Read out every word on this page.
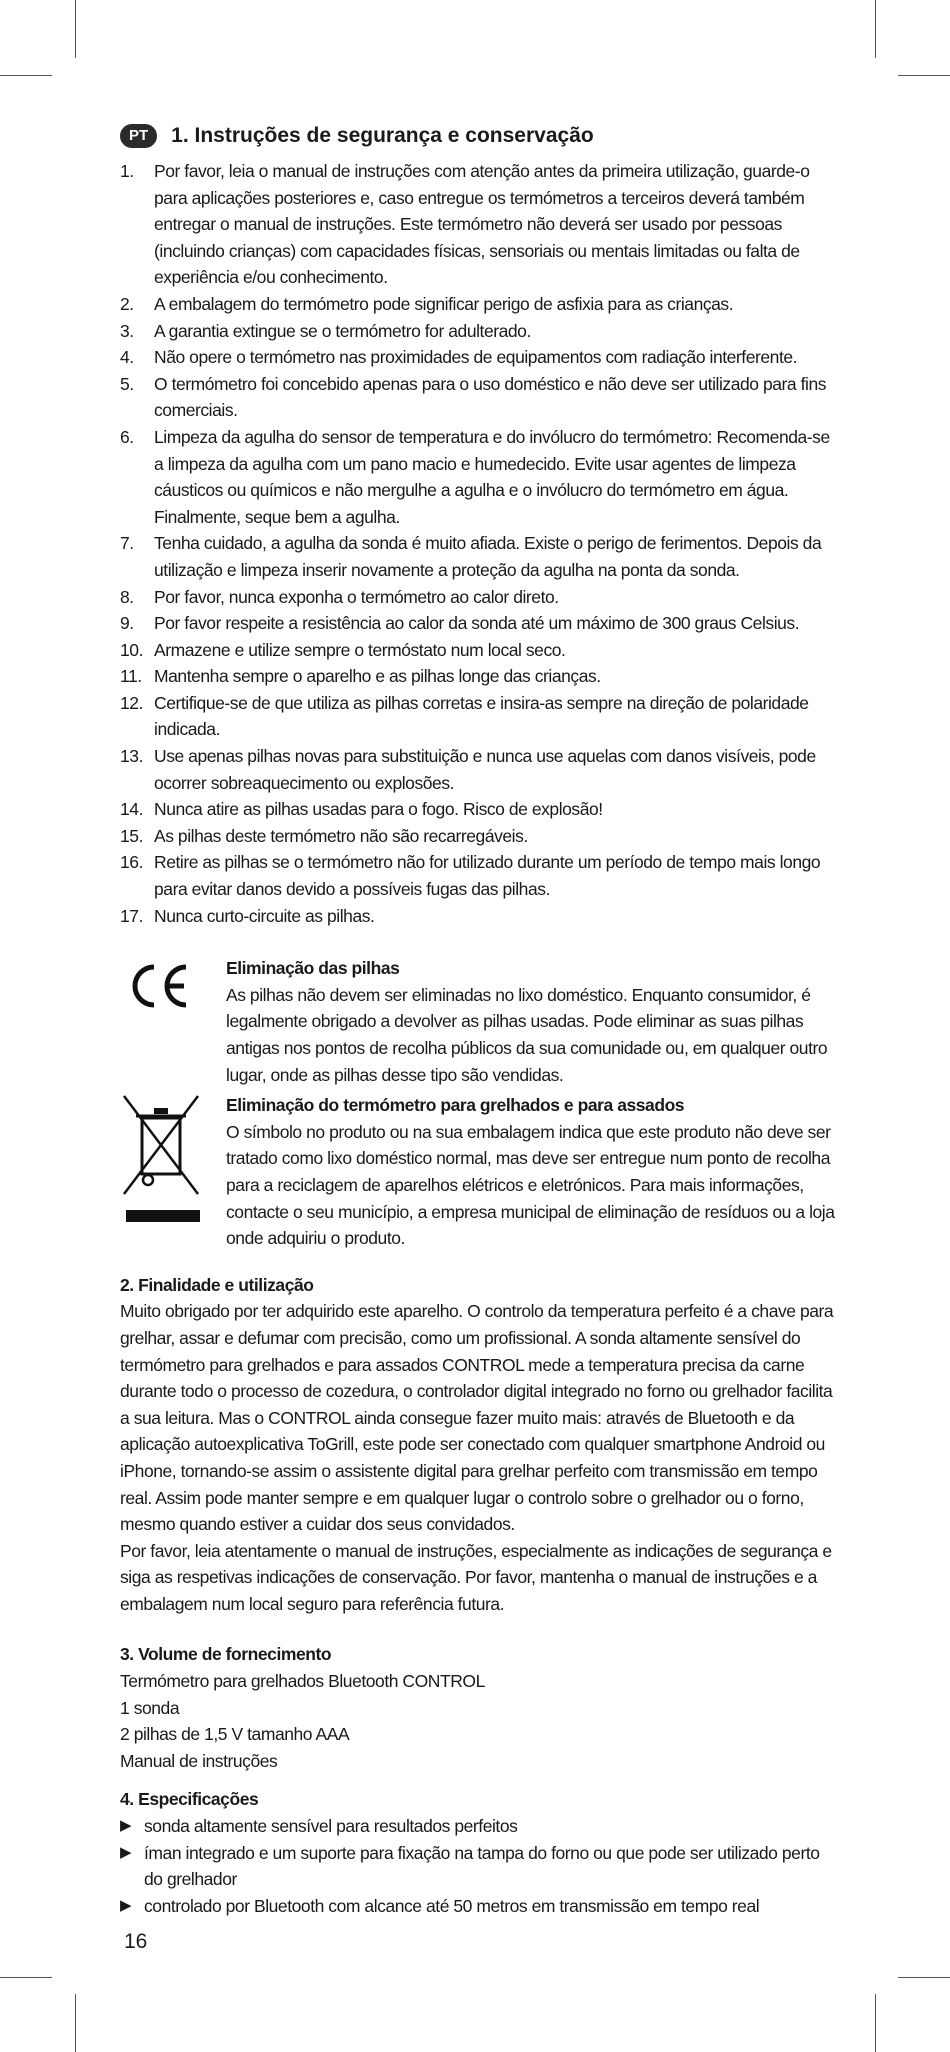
PT	1. Instruções de segurança e conservação
1.	Por favor, leia o manual de instruções com atenção antes da primeira utilização, guarde-o para aplicações posteriores e, caso entregue os termómetros a terceiros deverá também entregar o manual de instruções. Este termómetro não deverá ser usado por pessoas (incluindo crianças) com capacidades físicas, sensoriais ou mentais limitadas ou falta de experiência e/ou conhecimento.
2.	A embalagem do termómetro pode significar perigo de asfixia para as crianças.
3.	A garantia extingue se o termómetro for adulterado.
4.	Não opere o termómetro nas proximidades de equipamentos com radiação interferente.
5.	O termómetro foi concebido apenas para o uso doméstico e não deve ser utilizado para fins comerciais.
6.	Limpeza da agulha do sensor de temperatura e do invólucro do termómetro: Recomenda-se a limpeza da agulha com um pano macio e humedecido. Evite usar agentes de limpeza cáusticos ou químicos e não mergulhe a agulha e o invólucro do termómetro em água. Finalmente, seque bem a agulha.
7.	Tenha cuidado, a agulha da sonda é muito afiada. Existe o perigo de ferimentos. Depois da utilização e limpeza inserir novamente a proteção da agulha na ponta da sonda.
8.	Por favor, nunca exponha o termómetro ao calor direto.
9.	Por favor respeite a resistência ao calor da sonda até um máximo de 300 graus Celsius.
10. Armazene e utilize sempre o termóstato num local seco.
11. Mantenha sempre o aparelho e as pilhas longe das crianças.
12. Certifique-se de que utiliza as pilhas corretas e insira-as sempre na direção de polaridade indicada.
13. Use apenas pilhas novas para substituição e nunca use aquelas com danos visíveis, pode ocorrer sobreaquecimento ou explosões.
14. Nunca atire as pilhas usadas para o fogo. Risco de explosão!
15. As pilhas deste termómetro não são recarregáveis.
16. Retire as pilhas se o termómetro não for utilizado durante um período de tempo mais longo para evitar danos devido a possíveis fugas das pilhas.
17. Nunca curto-circuite as pilhas.

Eliminação das pilhas

As pilhas não devem ser eliminadas no lixo doméstico. Enquanto consumidor, é legalmente obrigado a devolver as pilhas usadas. Pode eliminar as suas pilhas antigas nos pontos de recolha públicos da sua comunidade ou, em qualquer outro lugar, onde as pilhas desse tipo são vendidas.

Eliminação do termómetro para grelhados e para assados

O símbolo no produto ou na sua embalagem indica que este produto não deve ser tratado como lixo doméstico normal, mas deve ser entregue num ponto de recolha para a reciclagem de aparelhos elétricos e eletrónicos. Para mais informações, contacte o seu município, a empresa municipal de eliminação de resíduos ou a loja onde adquiriu o produto.

2. Finalidade e utilização

Muito obrigado por ter adquirido este aparelho. O controlo da temperatura perfeito é a chave para grelhar, assar e defumar com precisão, como um profissional. A sonda altamente sensível do termómetro para grelhados e para assados CONTROL mede a temperatura precisa da carne durante todo o processo de cozedura, o controlador digital integrado no forno ou grelhador facilita a sua leitura. Mas o CONTROL ainda consegue fazer muito mais: através de Bluetooth e da aplicação autoexplicativa ToGrill, este pode ser conectado com qualquer smartphone Android ou iPhone, tornando-se assim o assistente digital para grelhar perfeito com transmissão em tempo real. Assim pode manter sempre e em qualquer lugar o controlo sobre o grelhador ou o forno, mesmo quando estiver a cuidar dos seus convidados.

Por favor, leia atentamente o manual de instruções, especialmente as indicações de segurança e siga as respetivas indicações de conservação. Por favor, mantenha o manual de instruções e a embalagem num local seguro para referência futura.

3. Volume de fornecimento

Termómetro para grelhados Bluetooth CONTROL

1 sonda

2 pilhas de 1,5 V tamanho AAA

Manual de instruções

4. Especificações

▶ sonda altamente sensível para resultados perfeitos
▶ íman integrado e um suporte para fixação na tampa do forno ou que pode ser utilizado perto do grelhador
▶ controlado por Bluetooth com alcance até 50 metros em transmissão em tempo real
16
